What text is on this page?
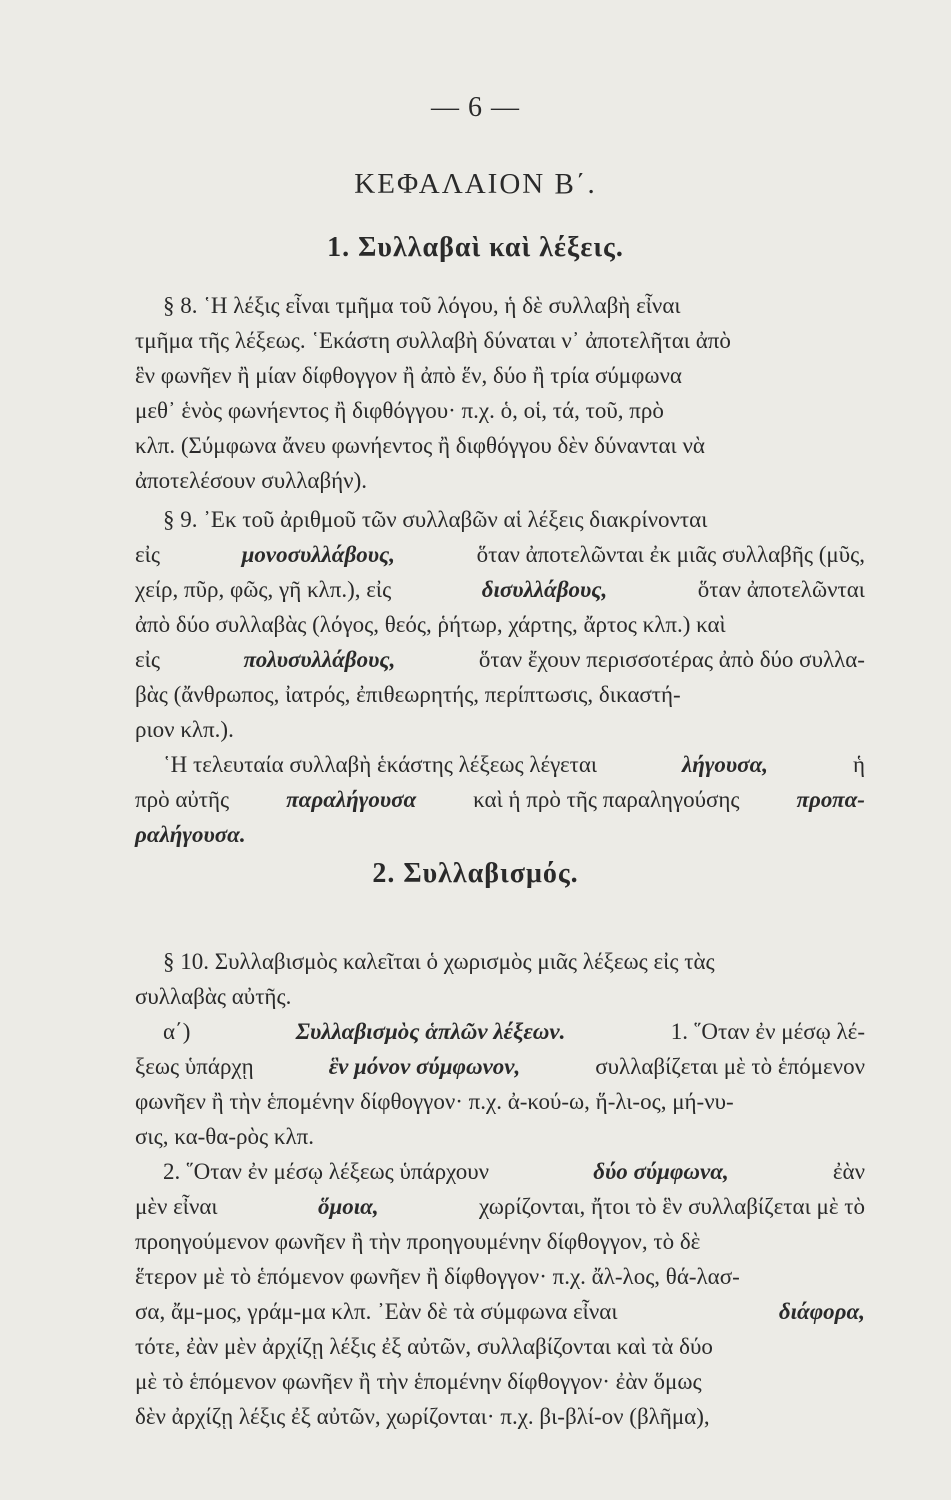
— 6 —
ΚΕΦΑΛΑΙΟΝ Β΄.
1. Συλλαβαὶ καὶ λέξεις.
2. Συλλαβισμός.
§ 8. ῾Η λέξις εἶναι τμῆμα τοῦ λόγου, ἡ δὲ συλλαβὴ εἶναι
τμῆμα τῆς λέξεως. ῾Εκάστη συλλαβὴ δύναται ν᾿ ἀποτελῆται ἀπὸ
ἓν φωνῆεν ἢ μίαν δίφθογγον ἢ ἀπὸ ἕν, δύο ἢ τρία σύμφωνα
μεθ᾿ ἑνὸς φωνήεντος ἢ διφθόγγου· π.χ. ὁ, οἱ, τά, τοῦ, πρὸ
κλπ. (Σύμφωνα ἄνευ φωνήεντος ἢ διφθόγγου δὲν δύνανται νὰ
ἀποτελέσουν συλλαβήν).
§ 9. ᾿Εκ τοῦ ἀριθμοῦ τῶν συλλαβῶν αἱ λέξεις διακρίνονται
εἰς	μονοσυλλάβους,	ὅταν ἀποτελῶνται ἐκ μιᾶς συλλαβῆς (μῦς,
χείρ, πῦρ, φῶς, γῆ κλπ.), εἰς	δισυλλάβους,	ὅταν ἀποτελῶνται
ἀπὸ δύο συλλαβὰς (λόγος, θεός, ῥήτωρ, χάρτης, ἄρτος κλπ.) καὶ
εἰς	πολυσυλλάβους,	ὅταν ἔχουν περισσοτέρας ἀπὸ δύο συλλα-
βὰς (ἄνθρωπος, ἰατρός, ἐπιθεωρητής, περίπτωσις, δικαστή-
ριον κλπ.).
῾Η τελευταία συλλαβὴ ἑκάστης λέξεως λέγεται	λήγουσα,	ἡ
πρὸ αὐτῆς παραλήγουσα καὶ ἡ πρὸ τῆς παραληγούσης προπα-
ραλήγουσα.
§ 10. Συλλαβισμὸς καλεῖται ὁ χωρισμὸς μιᾶς λέξεως εἰς τὰς
συλλαβὰς αὐτῆς.
α΄)	Συλλαβισμὸς ἁπλῶν λέξεων.	1. ῞Οταν ἐν μέσῳ λέ-
ξεως ὑπάρχῃ	ἓν μόνον σύμφωνον,	συλλαβίζεται μὲ τὸ ἑπόμενον
φωνῆεν ἢ τὴν ἑπομένην δίφθογγον· π.χ. ἀ-κού-ω, ἥ-λι-ος, μή-νυ-
σις, κα-θα-ρὸς κλπ.
2. ῞Οταν ἐν μέσῳ λέξεως ὑπάρχουν	δύο σύμφωνα,	ἐὰν
μὲν εἶναι	ὅμοια,	χωρίζονται, ἤτοι τὸ ἓν συλλαβίζεται μὲ τὸ
προηγούμενον φωνῆεν ἢ τὴν προηγουμένην δίφθογγον, τὸ δὲ
ἕτερον μὲ τὸ ἑπόμενον φωνῆεν ἢ δίφθογγον· π.χ. ἄλ-λος, θά-λασ-
σα, ἄμ-μος, γράμ-μα κλπ. ᾿Εὰν δὲ τὰ σύμφωνα εἶναι	διάφορα,
τότε, ἐὰν μὲν ἀρχίζῃ λέξις ἐξ αὐτῶν, συλλαβίζονται καὶ τὰ δύο
μὲ τὸ ἑπόμενον φωνῆεν ἢ τὴν ἑπομένην δίφθογγον· ἐὰν ὅμως
δὲν ἀρχίζῃ λέξις ἐξ αὐτῶν, χωρίζονται· π.χ. βι-βλί-ον (βλῆμα),
